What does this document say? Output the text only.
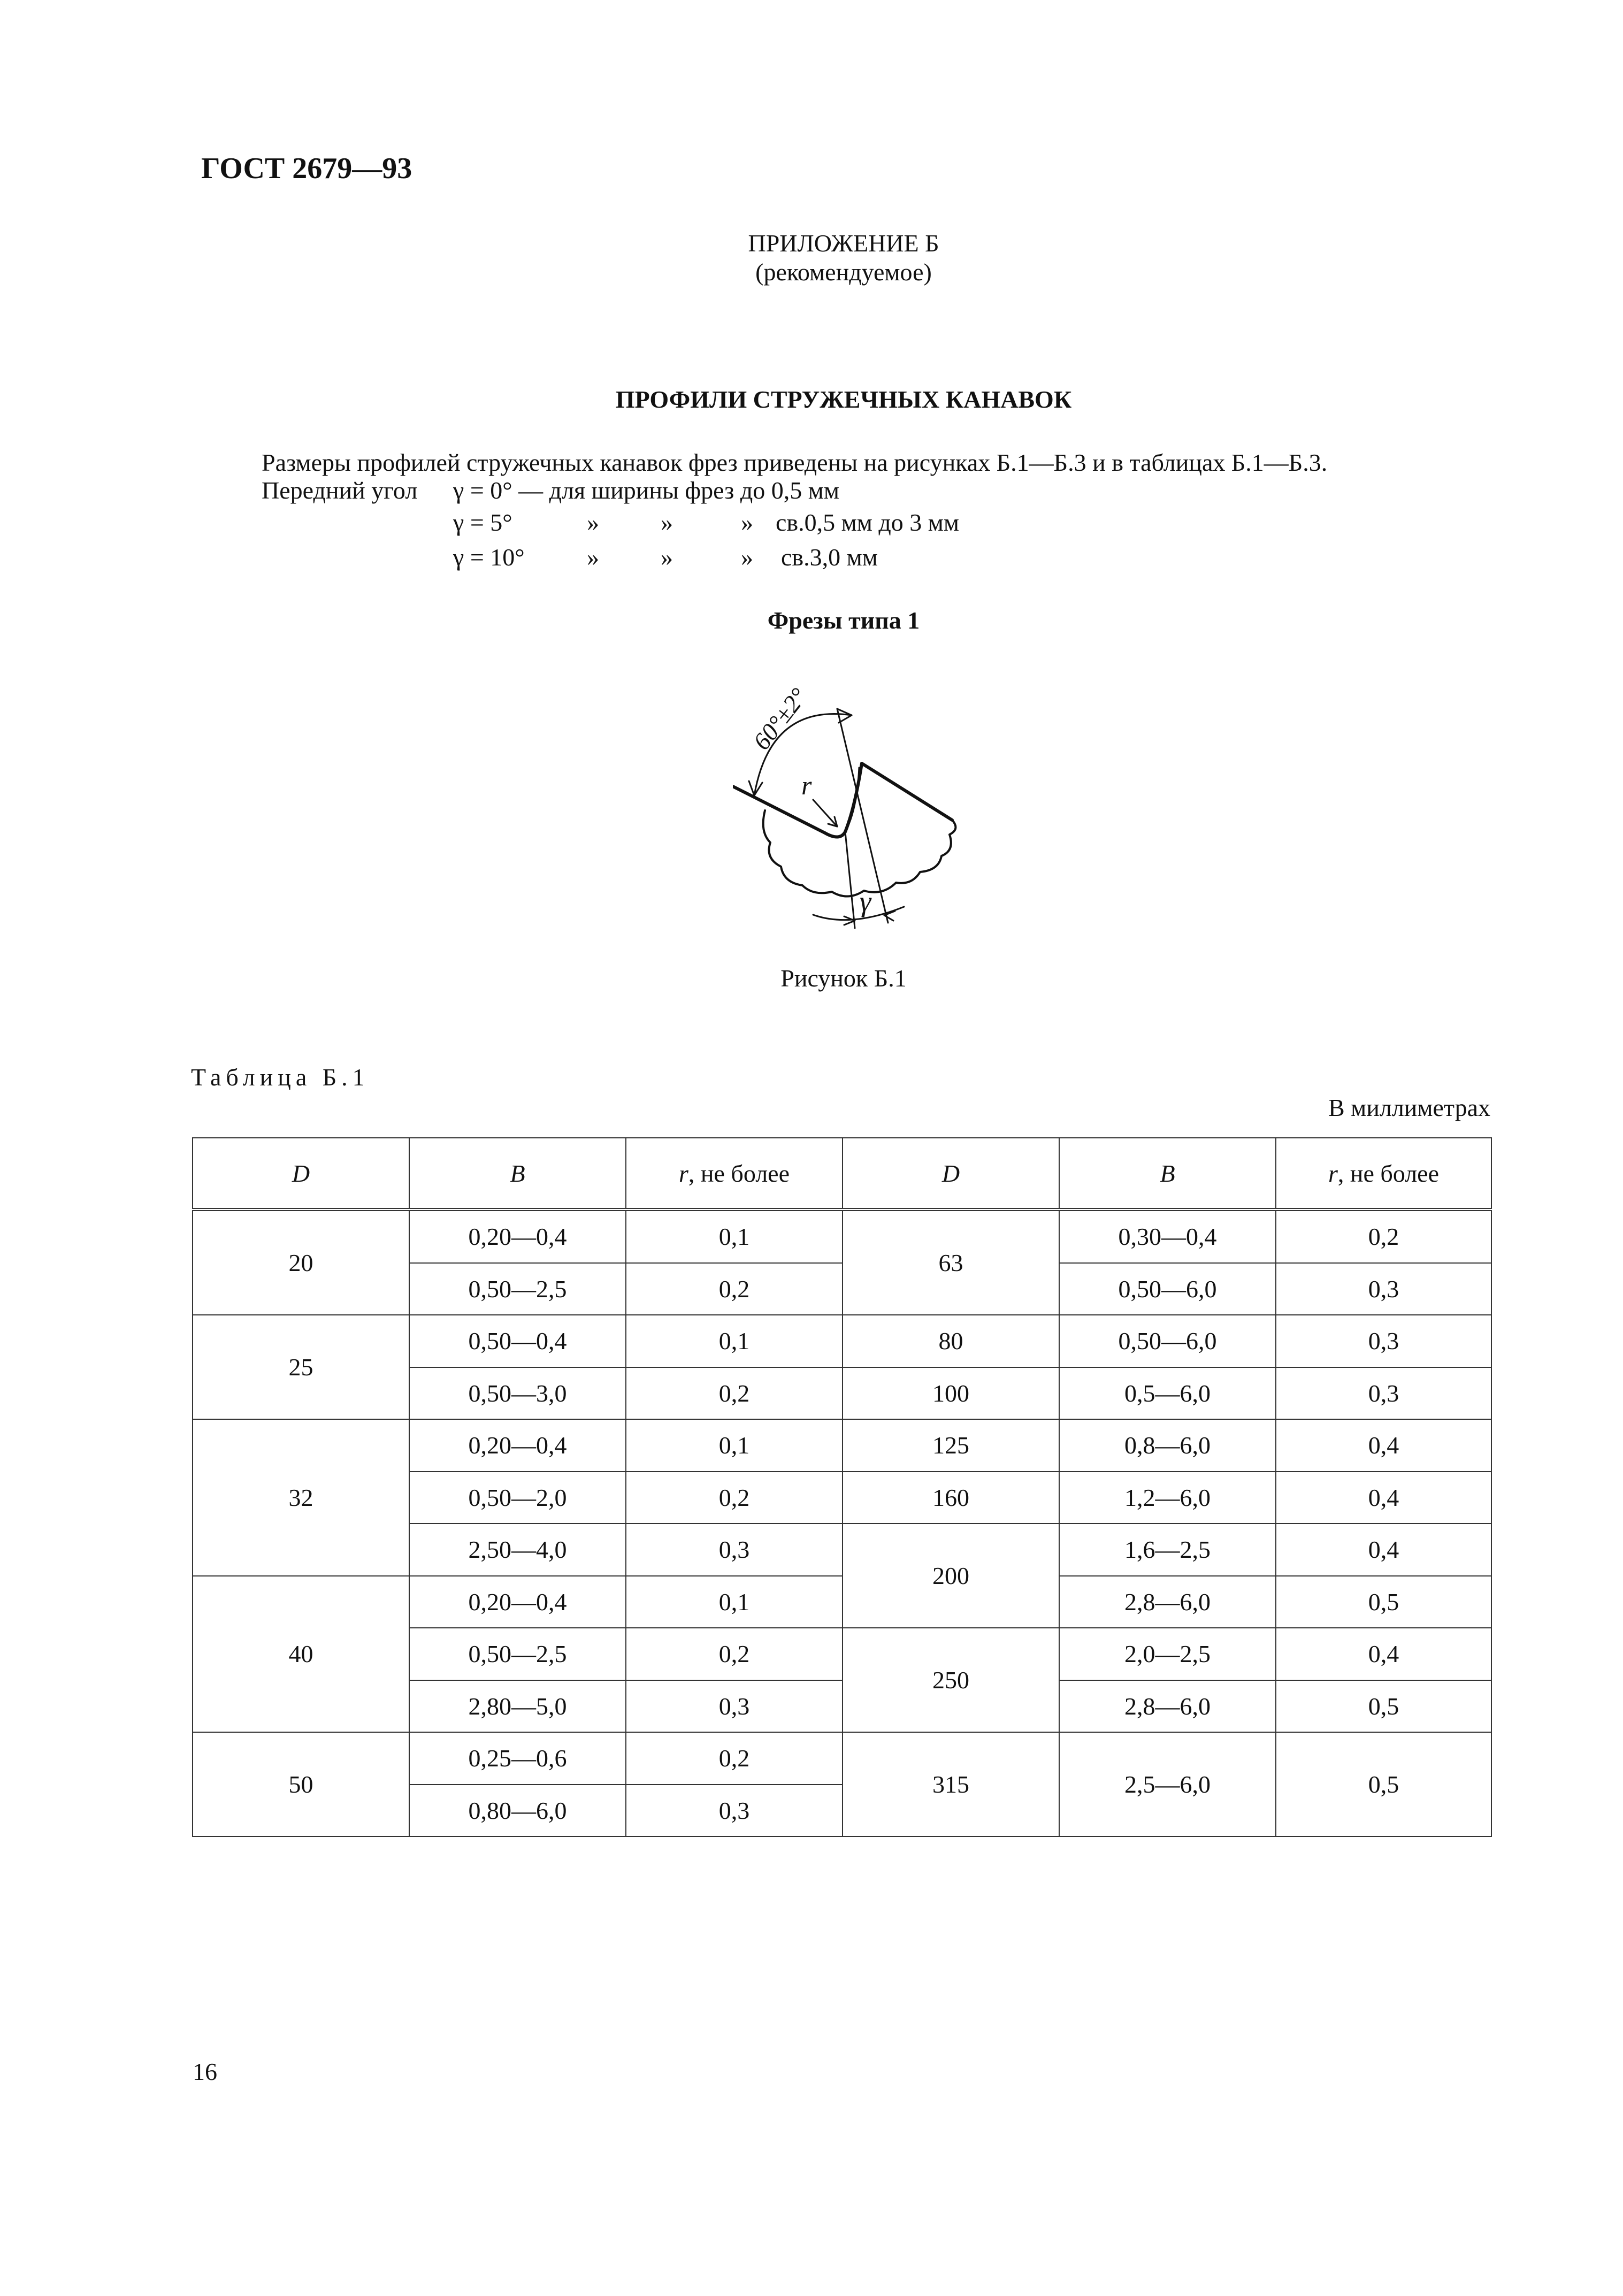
ГОСТ 2679—93
ПРИЛОЖЕНИЕ Б
(рекомендуемое)
ПРОФИЛИ СТРУЖЕЧНЫХ КАНАВОК
Размеры профилей стружечных канавок фрез приведены на рисунках Б.1—Б.3 и в таблицах Б.1—Б.3.
Передний угол γ = 0° — для ширины фрез до 0,5 мм
γ = 5°	»	»	» св.0,5 мм до 3 мм
γ = 10°	»	»	» св.3,0 мм
Фрезы типа 1
60°±2°
r
γ
Рисунок Б.1
Таблица Б.1
В миллиметрах
D	B	r, не более	D	B	r, не более
20	0,20—0,4	0,1	63	0,30—0,4	0,2
	0,50—2,5	0,2		0,50—6,0	0,3
25	0,50—0,4	0,1	80	0,50—6,0	0,3
	0,50—3,0	0,2	100	0,5—6,0	0,3
32	0,20—0,4	0,1	125	0,8—6,0	0,4
	0,50—2,0	0,2	160	1,2—6,0	0,4
	2,50—4,0	0,3	200	1,6—2,5	0,4
40	0,20—0,4	0,1		2,8—6,0	0,5
	0,50—2,5	0,2	250	2,0—2,5	0,4
	2,80—5,0	0,3		2,8—6,0	0,5
50	0,25—0,6	0,2	315	2,5—6,0	0,5
	0,80—6,0	0,3			
16
